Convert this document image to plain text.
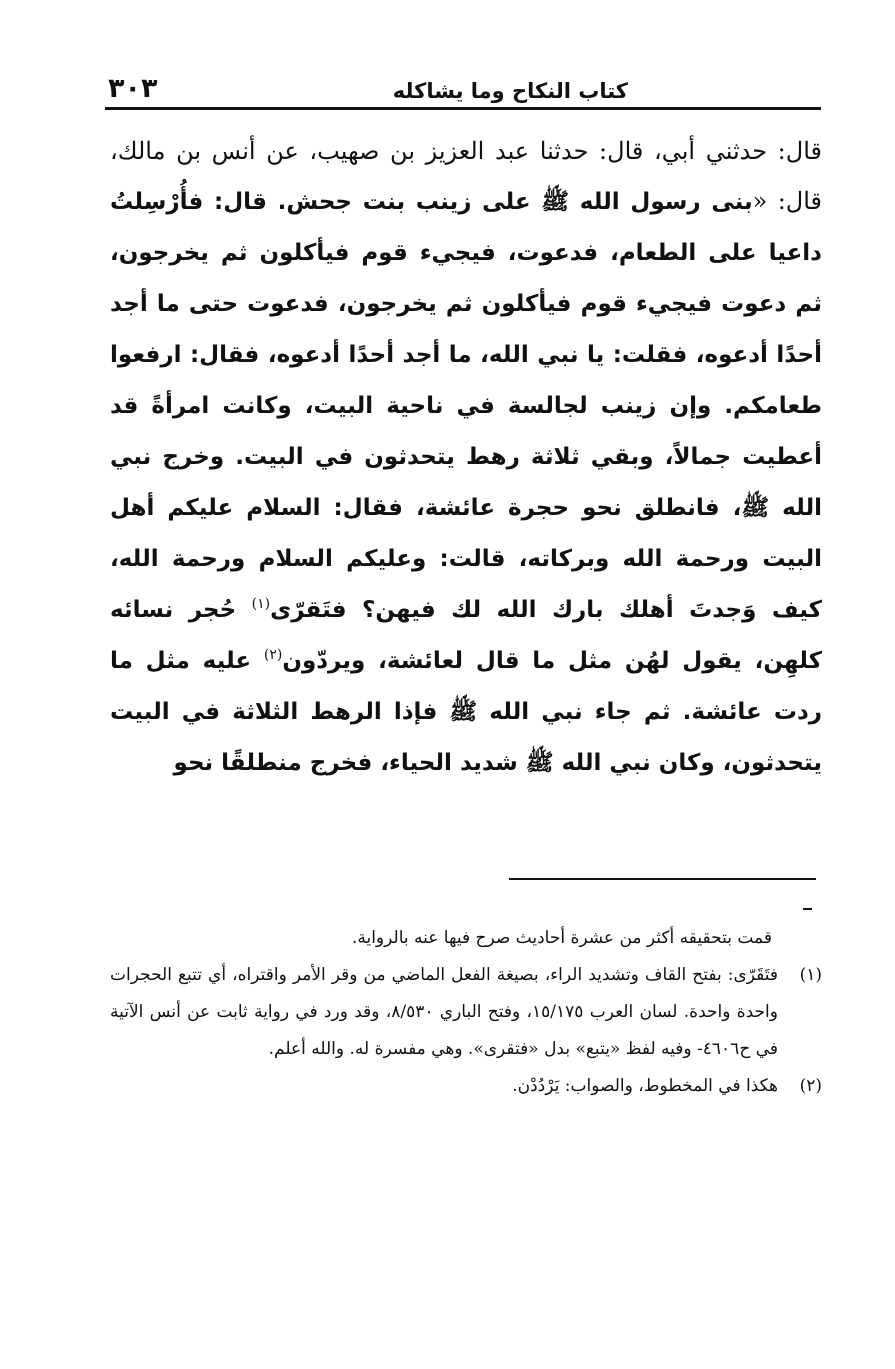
كتاب النكاح وما يشاكله
٣٠٣

قال: حدثني أبي، قال: حدثنا عبد العزيز بن صهيب، عن أنس بن مالك، قال: «بنى رسول الله ﷺ على زينب بنت جحش. قال: فأُرْسِلتُ داعيا على الطعام، فدعوت، فيجيء قوم فيأكلون ثم يخرجون، ثم دعوت فيجيء قوم فيأكلون ثم يخرجون، فدعوت حتى ما أجد أحدًا أدعوه، فقلت: يا نبي الله، ما أجد أحدًا أدعوه، فقال: ارفعوا طعامكم. وإن زينب لجالسة في ناحية البيت، وكانت امرأةً قد أعطيت جمالاً، وبقي ثلاثة رهط يتحدثون في البيت. وخرج نبي الله ﷺ، فانطلق نحو حجرة عائشة، فقال: السلام عليكم أهل البيت ورحمة الله وبركاته، قالت: وعليكم السلام ورحمة الله، كيف وَجدتَ أهلك بارك الله لك فيهن؟ فتَقرّى$^{(١)}$ حُجر نسائه كلهِن، يقول لهُن مثل ما قال لعائشة، ويردّون$^{(٢)}$ عليه مثل ما ردت عائشة. ثم جاء نبي الله ﷺ فإذا الرهط الثلاثة في البيت يتحدثون، وكان نبي الله ﷺ شديد الحياء، فخرج منطلقًا نحو

قمت بتحقيقه أكثر من عشرة أحاديث صرح فيها عنه بالرواية.

(١)
فتَقَرّى: بفتح القاف وتشديد الراء، بصيغة الفعل الماضي من وقر الأمر واقتراه، أي تتبع الحجرات واحدة واحدة. لسان العرب ١٥/١٧٥، وفتح الباري ٨/٥٣٠، وقد ورد في رواية ثابت عن أنس الآتية في ح٤٦٠٦- وفيه لفظ «يتبع» بدل «فتقرى». وهي مفسرة له. والله أعلم.
(٢)
هكذا في المخطوط، والصواب: يَرْدُدْن.
